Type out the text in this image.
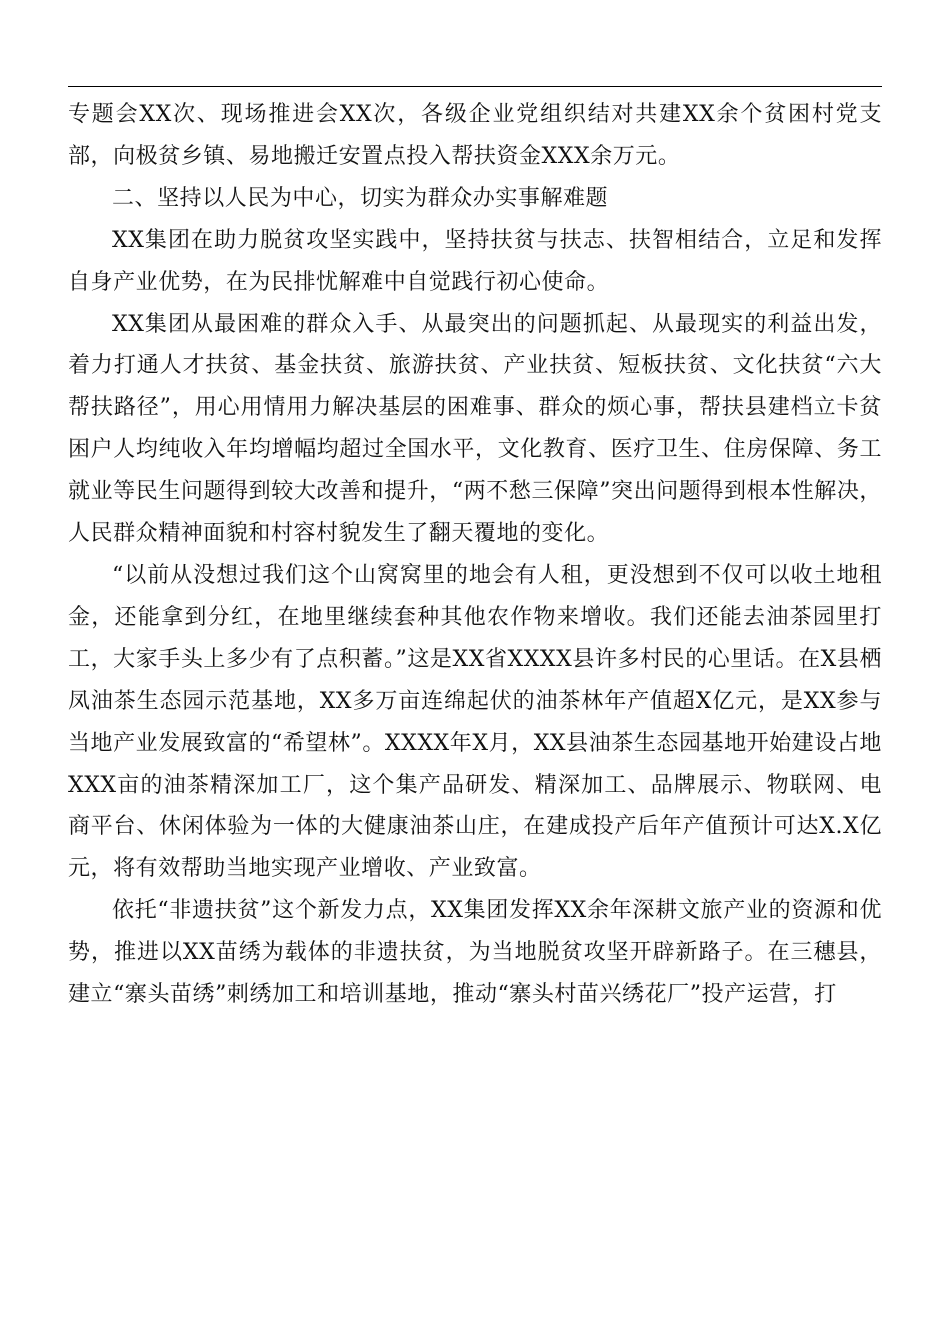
专题会XX次、现场推进会XX次，各级企业党组织结对共建XX余个贫困村党支部，向极贫乡镇、易地搬迁安置点投入帮扶资金XXX余万元。

二、坚持以人民为中心，切实为群众办实事解难题

XX集团在助力脱贫攻坚实践中，坚持扶贫与扶志、扶智相结合，立足和发挥自身产业优势，在为民排忧解难中自觉践行初心使命。

XX集团从最困难的群众入手、从最突出的问题抓起、从最现实的利益出发，着力打通人才扶贫、基金扶贫、旅游扶贫、产业扶贫、短板扶贫、文化扶贫“六大帮扶路径”，用心用情用力解决基层的困难事、群众的烦心事，帮扶县建档立卡贫困户人均纯收入年均增幅均超过全国水平，文化教育、医疗卫生、住房保障、务工就业等民生问题得到较大改善和提升，“两不愁三保障”突出问题得到根本性解决，人民群众精神面貌和村容村貌发生了翻天覆地的变化。

“以前从没想过我们这个山窝窝里的地会有人租，更没想到不仅可以收土地租金，还能拿到分红，在地里继续套种其他农作物来增收。我们还能去油茶园里打工，大家手头上多少有了点积蓄。”这是XX省XXXX县许多村民的心里话。在X县栖凤油茶生态园示范基地，XX多万亩连绵起伏的油茶林年产值超X亿元，是XX参与当地产业发展致富的“希望林”。XXXX年X月，XX县油茶生态园基地开始建设占地XXX亩的油茶精深加工厂，这个集产品研发、精深加工、品牌展示、物联网、电商平台、休闲体验为一体的大健康油茶山庄，在建成投产后年产值预计可达X.X亿元，将有效帮助当地实现产业增收、产业致富。

依托“非遗扶贫”这个新发力点，XX集团发挥XX余年深耕文旅产业的资源和优势，推进以XX苗绣为载体的非遗扶贫，为当地脱贫攻坚开辟新路子。在三穗县，建立“寨头苗绣”刺绣加工和培训基地，推动“寨头村苗兴绣花厂”投产运营，打
